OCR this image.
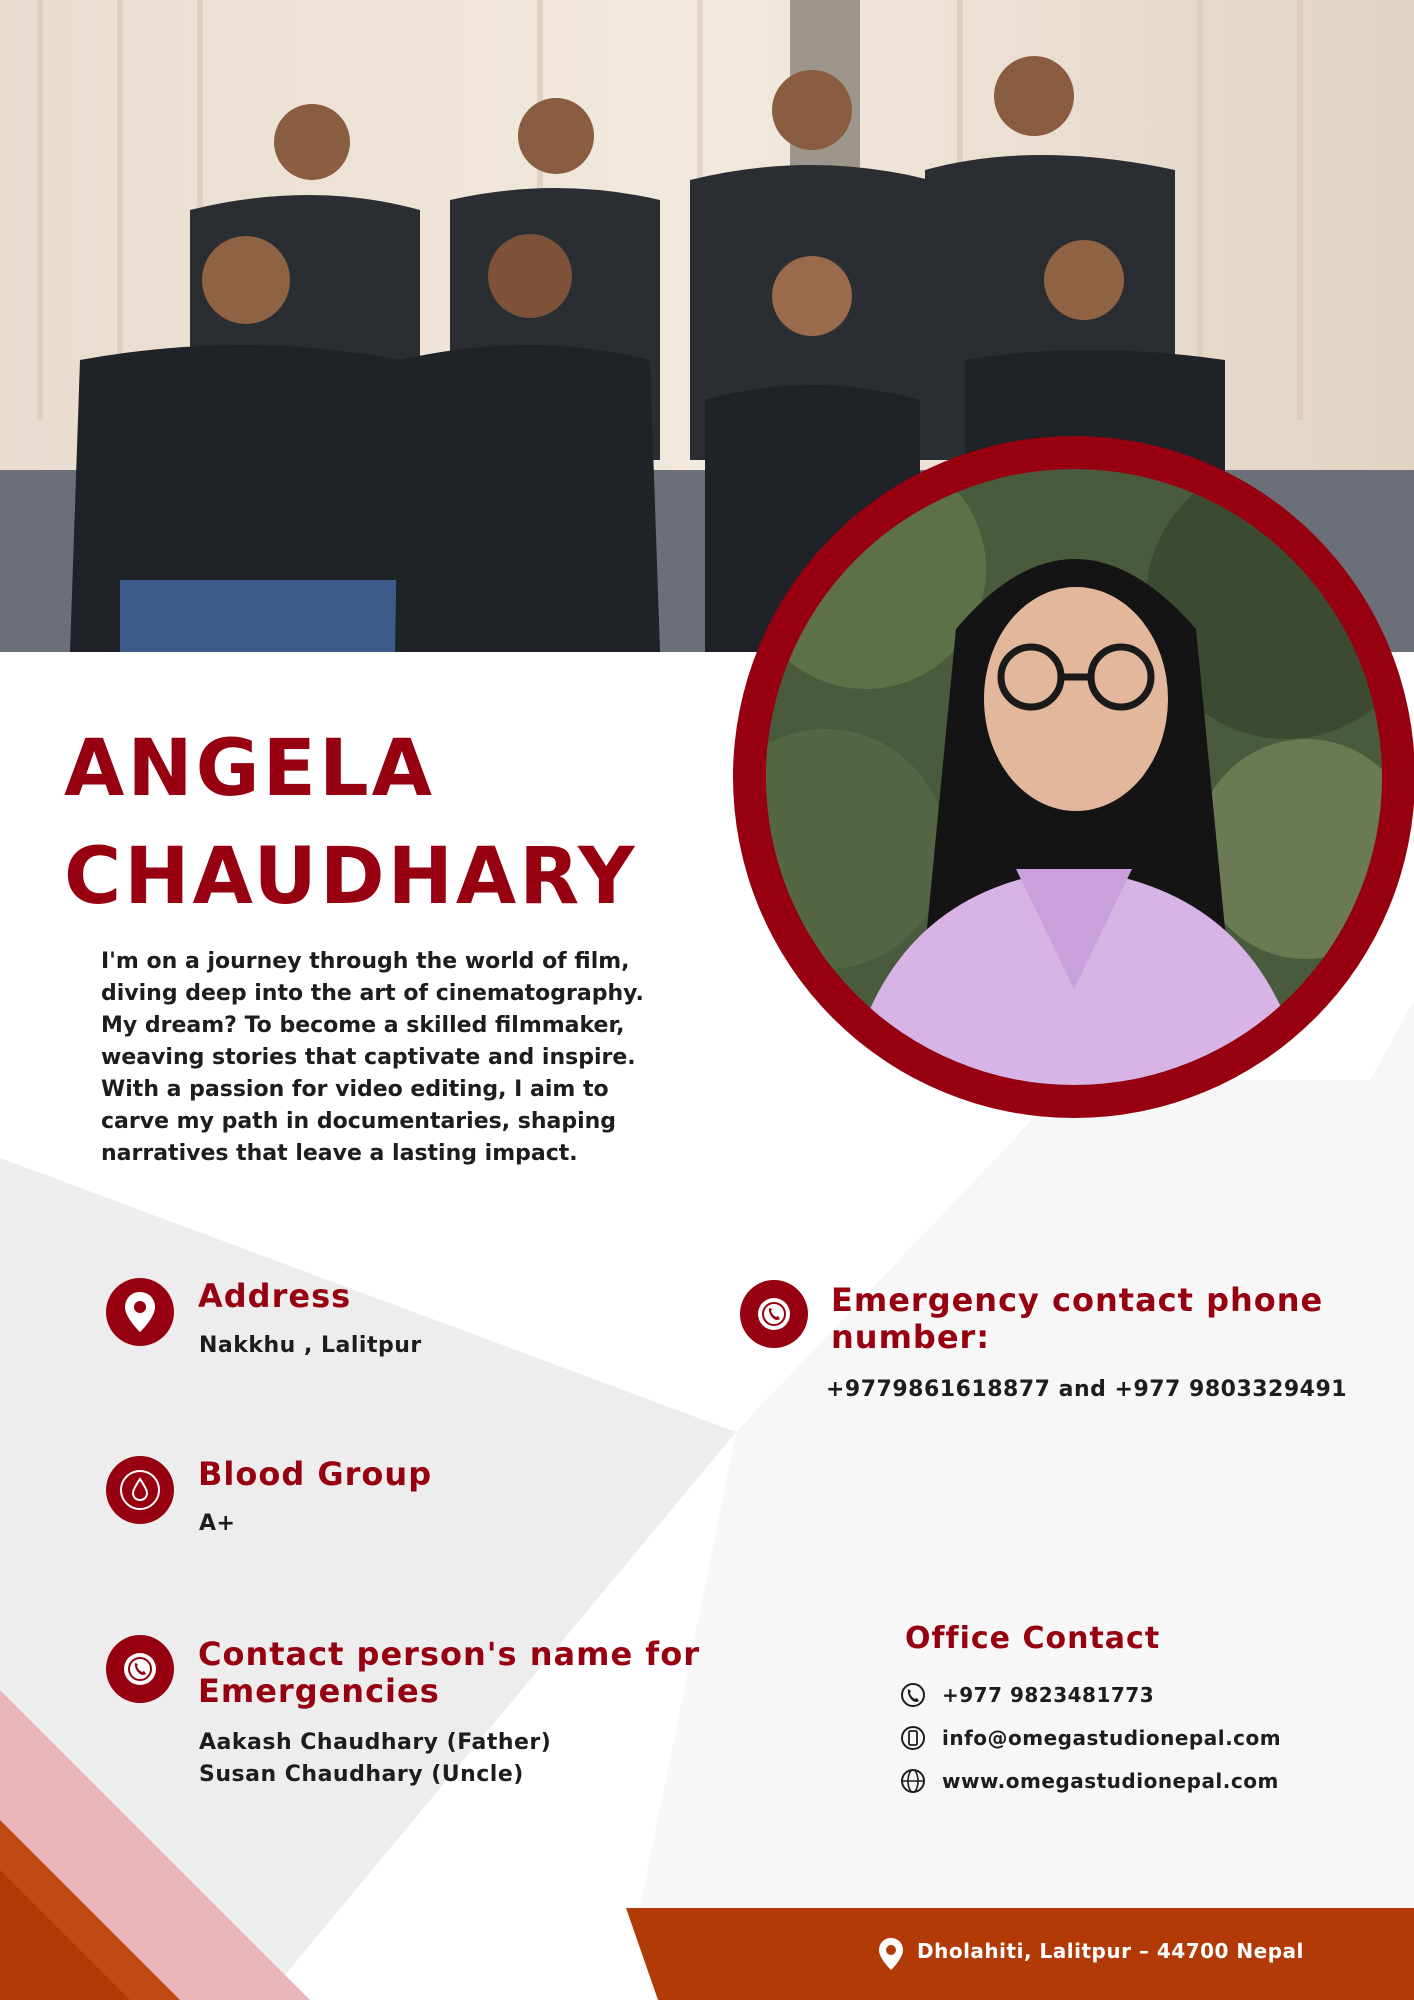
ANGELA
CHAUDHARY
I'm on a journey through the world of film,
diving deep into the art of cinematography.
My dream? To become a skilled filmmaker,
weaving stories that captivate and inspire.
With a passion for video editing, I aim to
carve my path in documentaries, shaping
narratives that leave a lasting impact.
Address
Nakkhu , Lalitpur
Blood Group
A+
Contact person's name for
Emergencies
Aakash Chaudhary (Father)
Susan Chaudhary (Uncle)
Emergency contact phone
number:
+9779861618877 and +977 9803329491
Office Contact
+977 9823481773
info@omegastudionepal.com
www.omegastudionepal.com
Dholahiti, Lalitpur – 44700 Nepal
